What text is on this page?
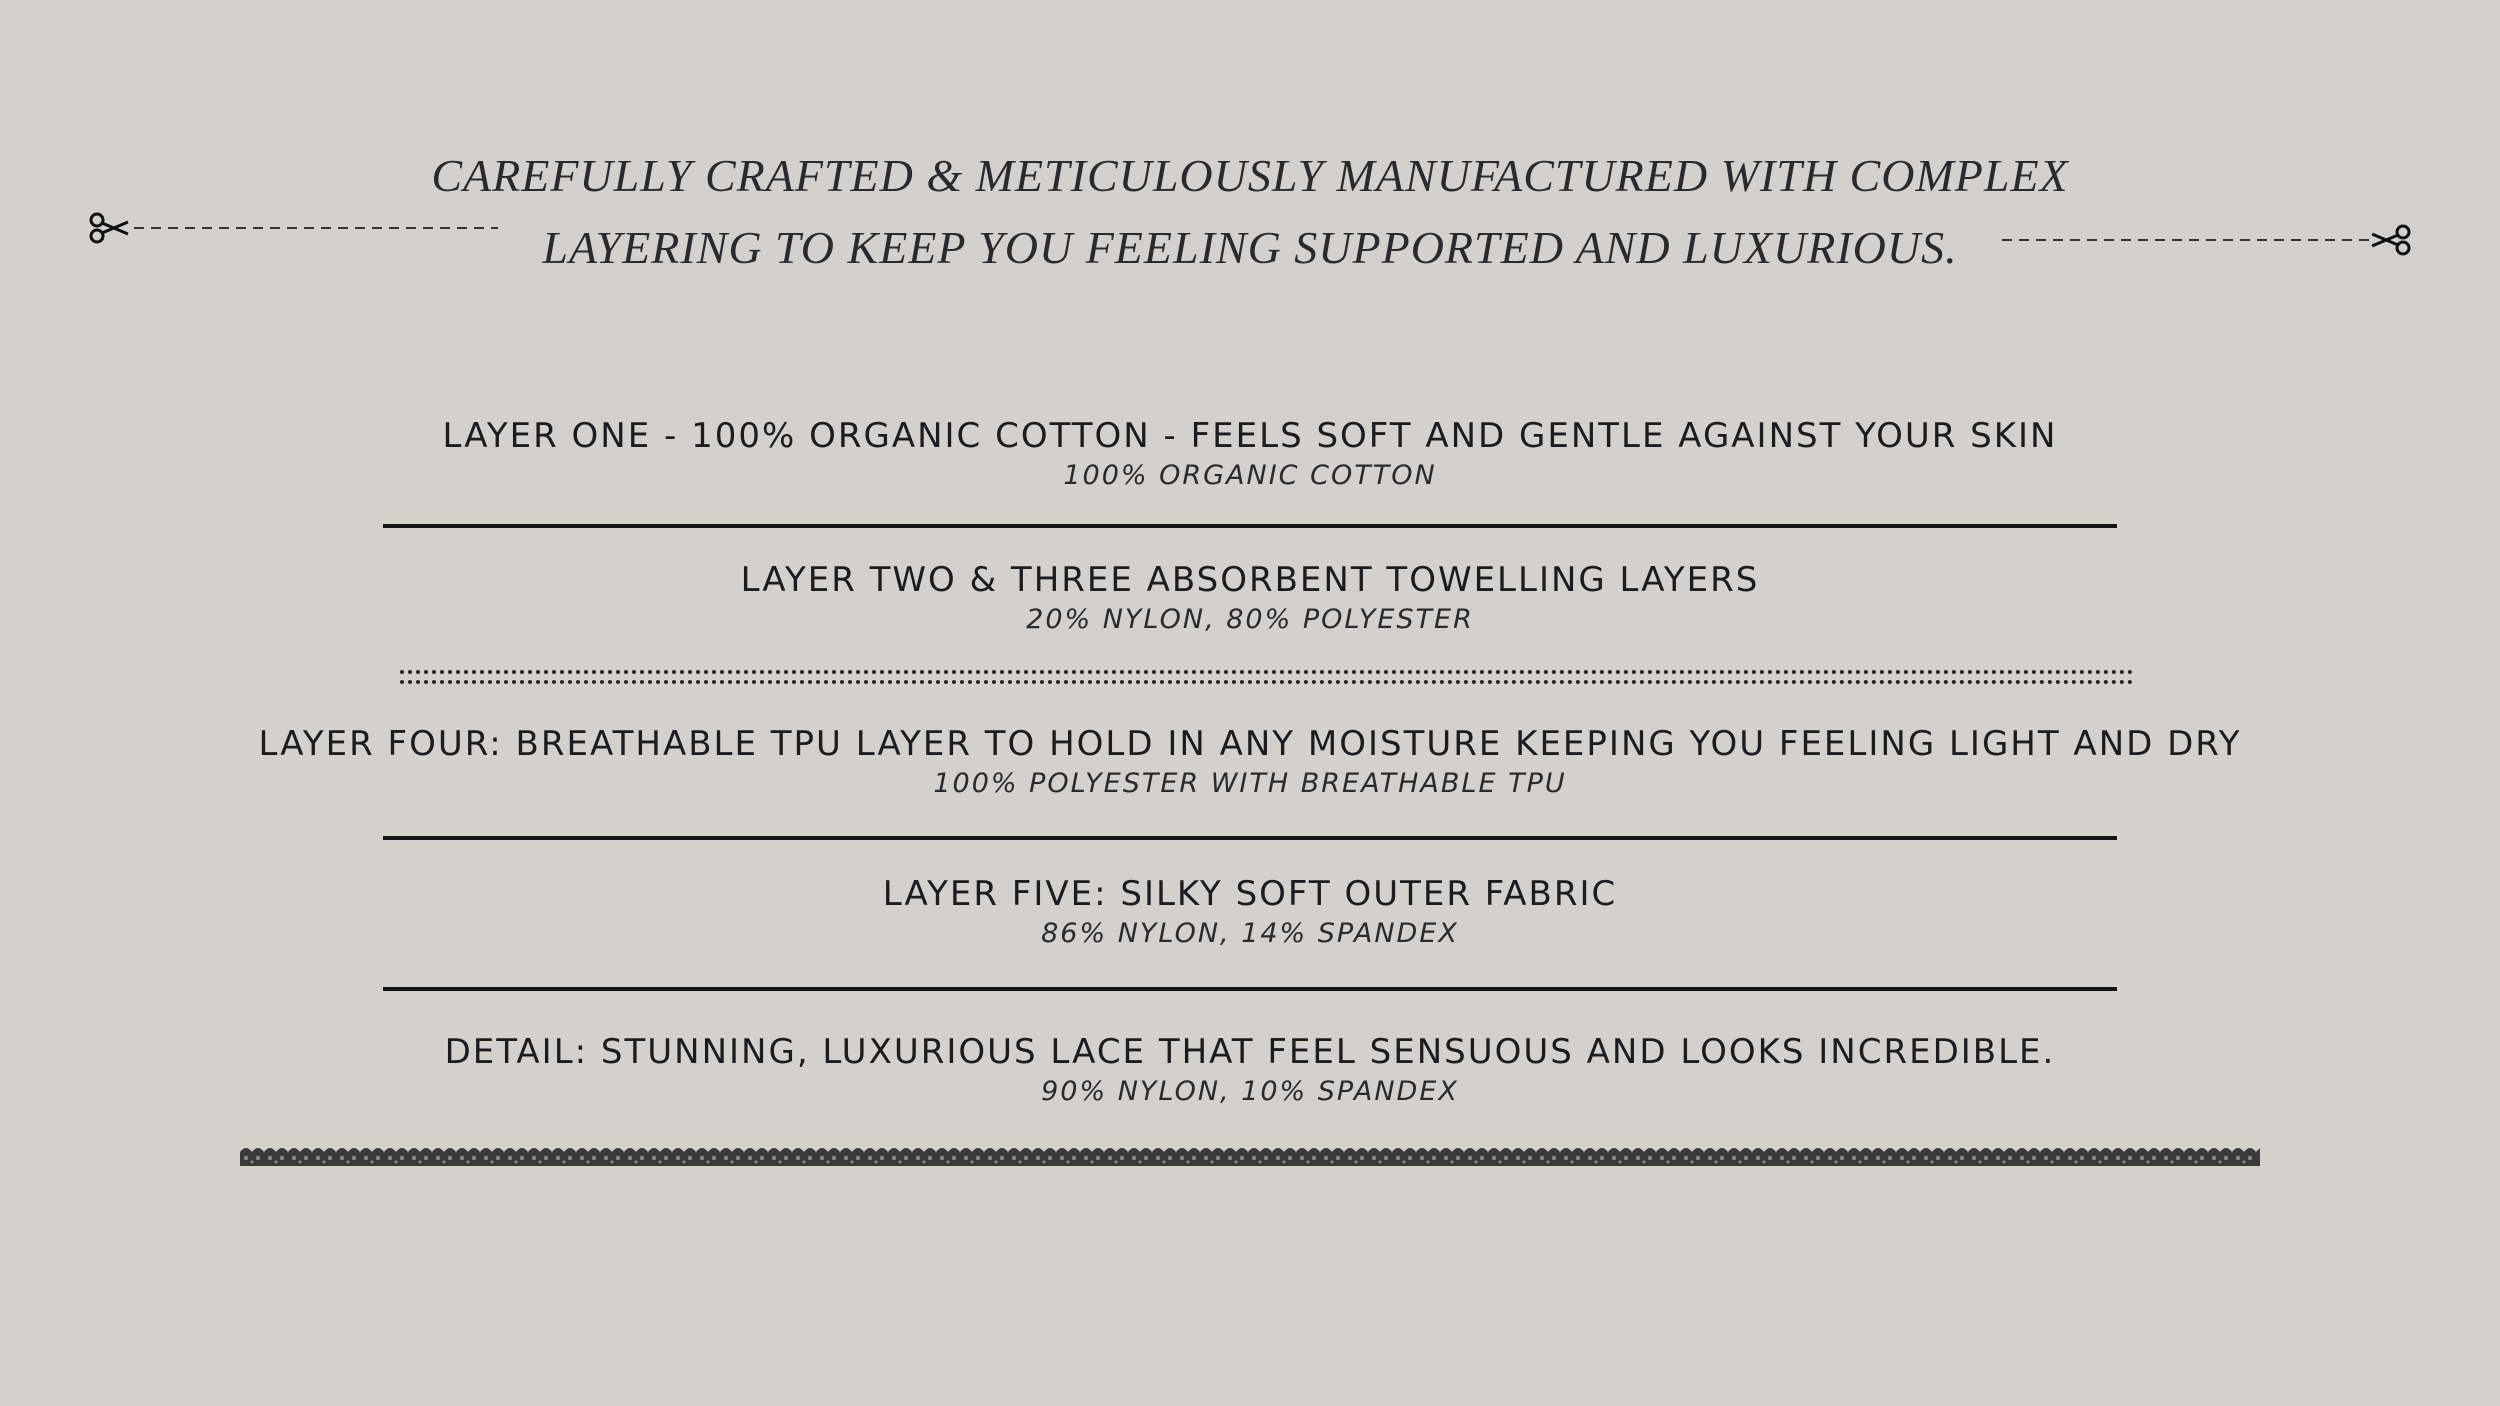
CAREFULLY CRAFTED & METICULOUSLY MANUFACTURED WITH COMPLEX
LAYERING TO KEEP YOU FEELING SUPPORTED AND LUXURIOUS.
LAYER ONE - 100% ORGANIC COTTON - FEELS SOFT AND GENTLE AGAINST YOUR SKIN
100% ORGANIC COTTON
LAYER TWO & THREE ABSORBENT TOWELLING LAYERS
20% NYLON, 80% POLYESTER
LAYER FOUR: BREATHABLE TPU LAYER TO HOLD IN ANY MOISTURE KEEPING YOU FEELING LIGHT AND DRY
100% POLYESTER WITH BREATHABLE TPU
LAYER FIVE: SILKY SOFT OUTER FABRIC
86% NYLON, 14% SPANDEX
DETAIL: STUNNING, LUXURIOUS LACE THAT FEEL SENSUOUS AND LOOKS INCREDIBLE.
90% NYLON, 10% SPANDEX
